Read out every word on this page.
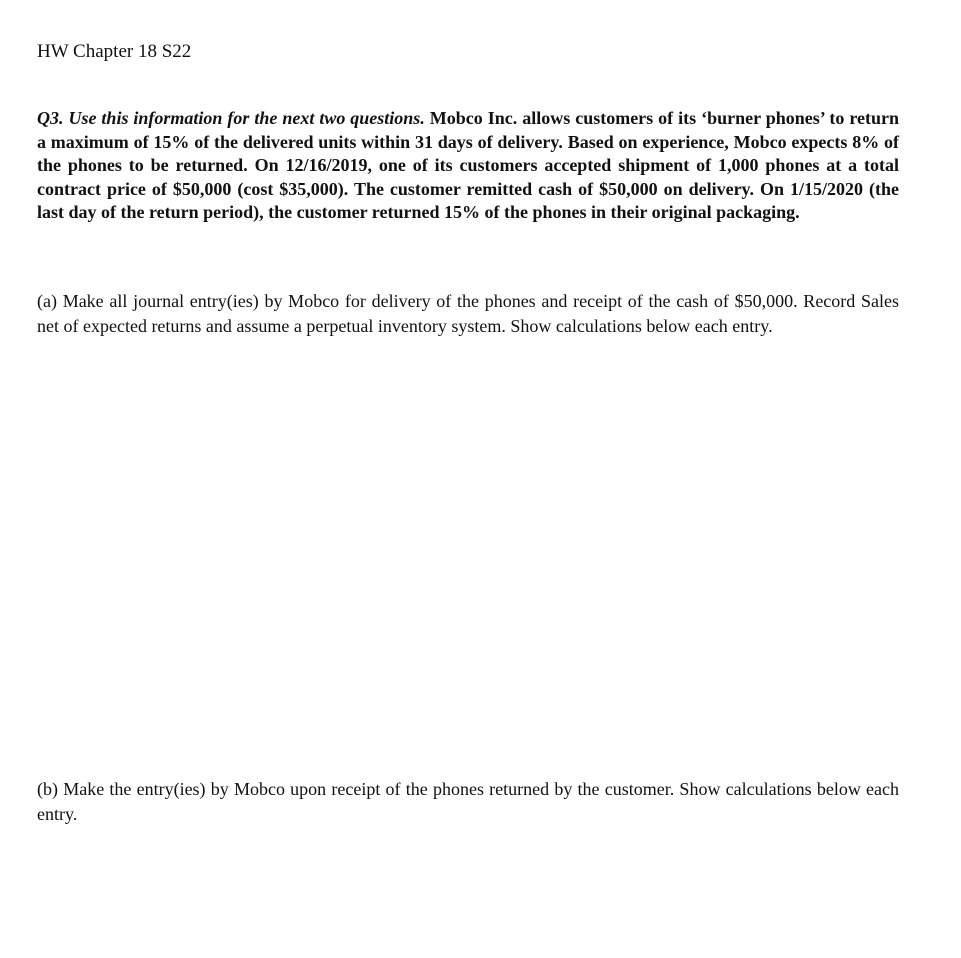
HW Chapter 18 S22
Q3. Use this information for the next two questions. Mobco Inc. allows customers of its ‘burner phones’ to return a maximum of 15% of the delivered units within 31 days of delivery. Based on experience, Mobco expects 8% of the phones to be returned. On 12/16/2019, one of its customers accepted shipment of 1,000 phones at a total contract price of $50,000 (cost $35,000). The customer remitted cash of $50,000 on delivery. On 1/15/2020 (the last day of the return period), the customer returned 15% of the phones in their original packaging.
(a) Make all journal entry(ies) by Mobco for delivery of the phones and receipt of the cash of $50,000. Record Sales net of expected returns and assume a perpetual inventory system. Show calculations below each entry.
(b) Make the entry(ies) by Mobco upon receipt of the phones returned by the customer. Show calculations below each entry.
